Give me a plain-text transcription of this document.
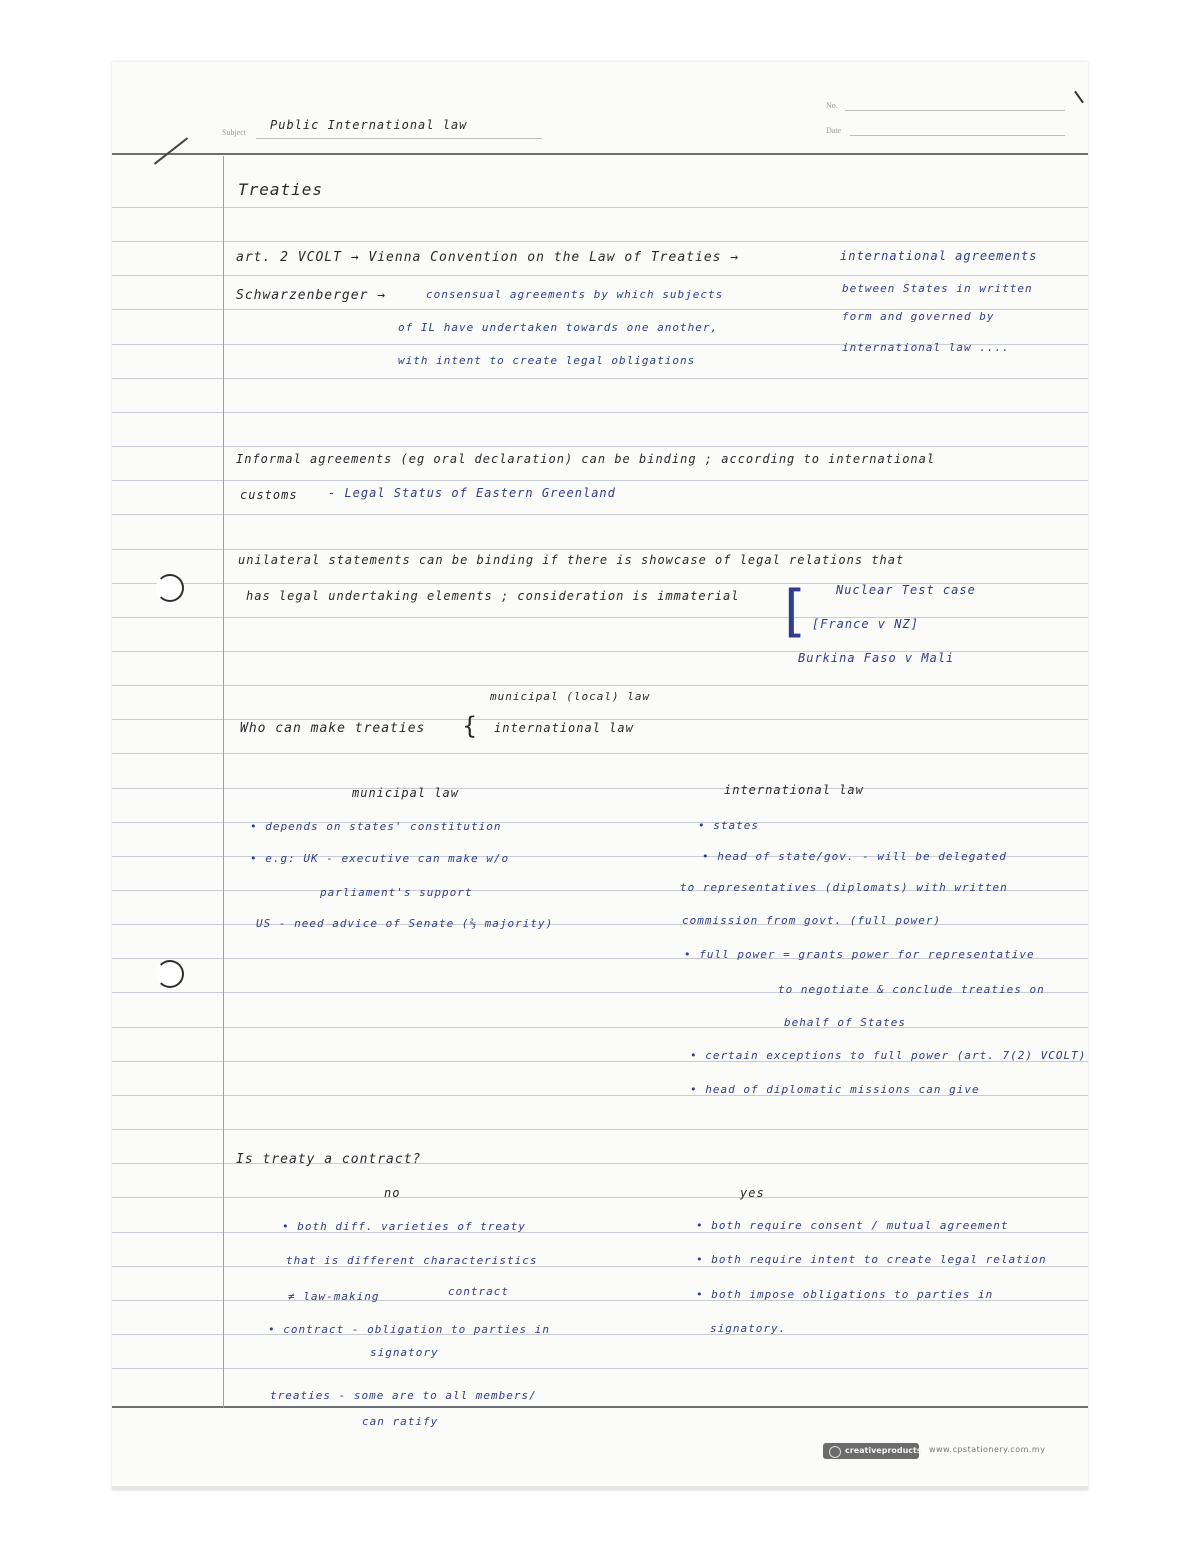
Subject
Public International law
No.
Date
Treaties
art. 2 VCOLT → Vienna Convention on the Law of Treaties →	international agreements
between States in written
form and governed by
international law ....
Schwarzenberger →	consensual agreements by which subjects
of IL have undertaken towards one another,
with intent to create legal obligations
Informal agreements (eg oral declaration) can be binding ; according to international
customs	- Legal Status of Eastern Greenland
unilateral statements can be binding if there is showcase of legal relations that
has legal undertaking elements ; consideration is immaterial [	Nuclear Test case
[France v NZ]
Burkina Faso v Mali
municipal (local) law
Who can make treaties { international law
municipal law
• depends on states' constitution
• e.g: UK - executive can make w/o
parliament's support
US - need advice of Senate (⅔ majority)
international law
• states
• head of state/gov. - will be delegated
to representatives (diplomats) with written
commission from govt. (full power)
• full power = grants power for representative
to negotiate & conclude treaties on
behalf of States
• certain exceptions to full power (art. 7(2) VCOLT)
• head of diplomatic missions can give
Is treaty a contract?
no	yes
• both diff. varieties of treaty
that is different characteristics
≠ law-making	contract
• contract - obligation to parties in
signatory
treaties - some are to all members/
can ratify
• both require consent / mutual agreement
• both require intent to create legal relation
• both impose obligations to parties in
signatory.
creativeproducts www.cpstationery.com.my
